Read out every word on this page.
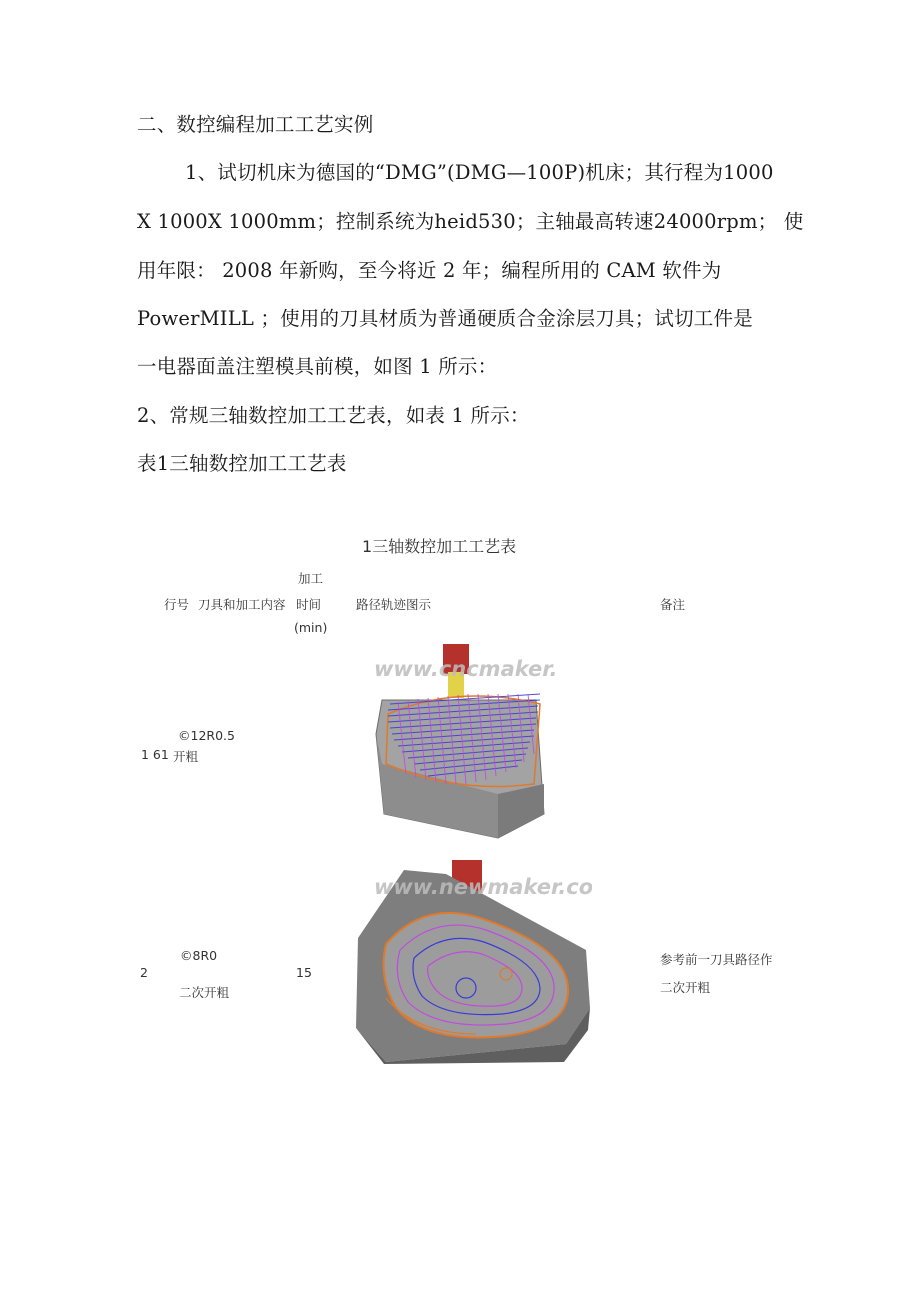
二、数控编程加工工艺实例
1、试切机床为德国的“DMG”(DMG—100P)机床；其行程为1000
X 1000X 1000mm；控制系统为heid530；主轴最高转速24000rpm； 使
用年限： 2008 年新购，至今将近 2 年；编程所用的 CAM 软件为
PowerMILL ；使用的刀具材质为普通硬质合金涂层刀具；试切工件是
一电器面盖注塑模具前模，如图 1 所示：
2、常规三轴数控加工工艺表，如表 1 所示：
表1三轴数控加工工艺表
1三轴数控加工工艺表
行号 刀具和加工内容
加工
时间
(min)
路径轨迹图示	备注
©12R0.5
1 61 开粗
www.cncmaker.
©8R0
2
二次开粗
15
参考前一刀具路径作
二次开粗
www.newmaker.cor
